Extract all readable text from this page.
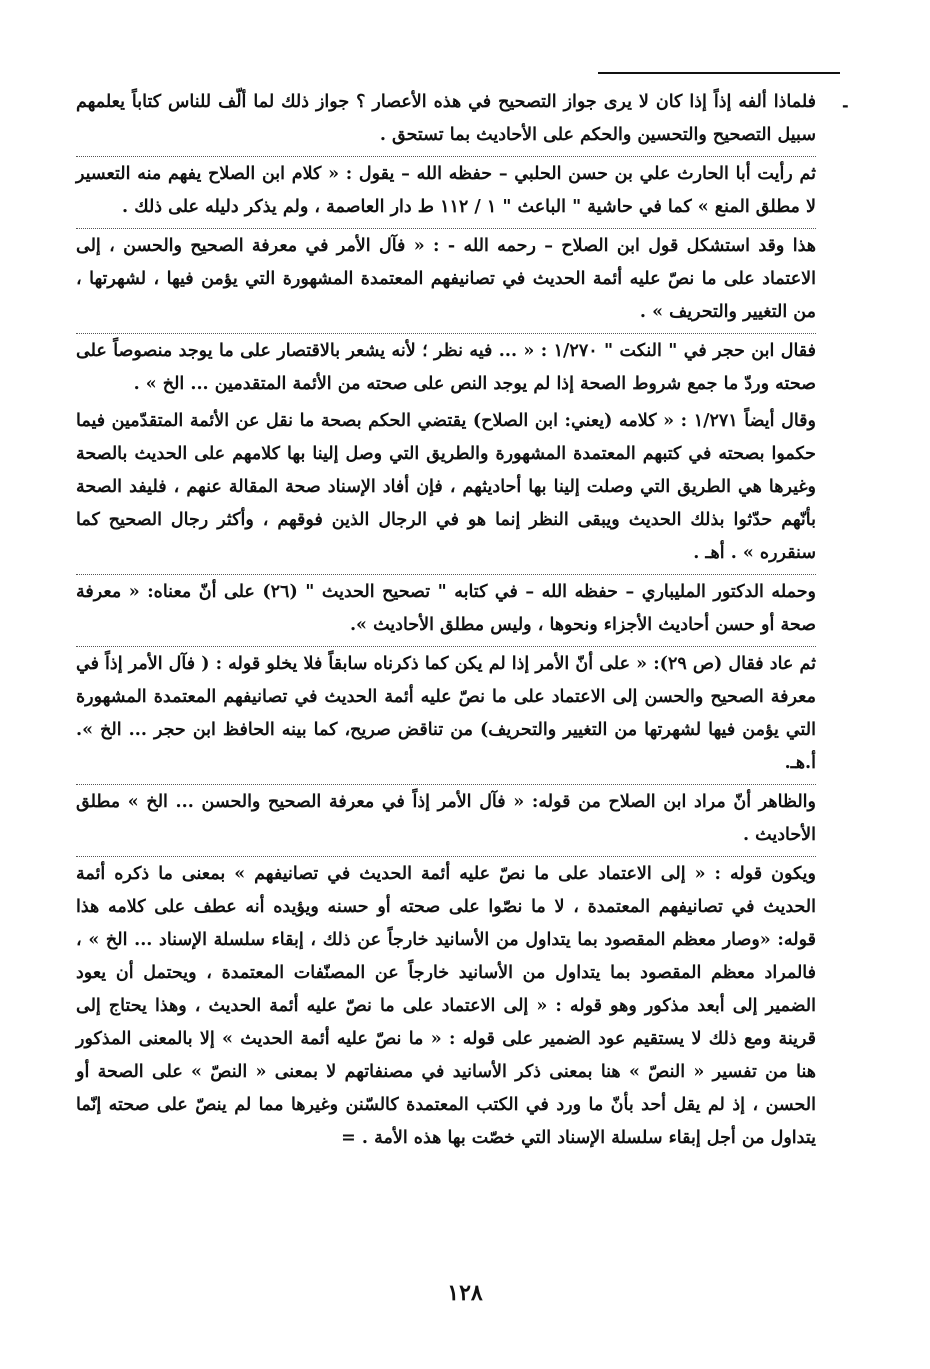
-

فلماذا ألفه إذاً إذا كان لا يرى جواز التصحيح في هذه الأعصار ؟ جواز ذلك لما ألّف للناس كتاباً يعلمهم سبيل التصحيح والتحسين والحكم على الأحاديث بما تستحق .

ثم رأيت أبا الحارث علي بن حسن الحلبي – حفظه الله – يقول : « كلام ابن الصلاح يفهم منه التعسير لا مطلق المنع » كما في حاشية " الباعث " ١ / ١١٢ ط دار العاصمة ، ولم يذكر دليله على ذلك .

هذا وقد استشكل قول ابن الصلاح – رحمه الله - : « فآل الأمر في معرفة الصحيح والحسن ، إلى الاعتماد على ما نصّ عليه أئمة الحديث في تصانيفهم المعتمدة المشهورة التي يؤمن فيها ، لشهرتها ، من التغيير والتحريف » .

فقال ابن حجر في " النكت " ١/٢٧٠ : « ... فيه نظر ؛ لأنه يشعر بالاقتصار على ما يوجد منصوصاً على صحته وردّ ما جمع شروط الصحة إذا لم يوجد النص على صحته من الأئمة المتقدمين ... الخ » .

وقال أيضاً ١/٢٧١ : « كلامه (يعني: ابن الصلاح) يقتضي الحكم بصحة ما نقل عن الأئمة المتقدّمين فيما حكموا بصحته في كتبهم المعتمدة المشهورة والطريق التي وصل إلينا بها كلامهم على الحديث بالصحة وغيرها هي الطريق التي وصلت إلينا بها أحاديثهم ، فإن أفاد الإسناد صحة المقالة عنهم ، فليفد الصحة بأنّهم حدّثوا بذلك الحديث ويبقى النظر إنما هو في الرجال الذين فوقهم ، وأكثر رجال الصحيح كما سنقرره » . أهـ .

وحمله الدكتور المليباري – حفظه الله – في كتابه " تصحيح الحديث " (٢٦) على أنّ معناه: « معرفة صحة أو حسن أحاديث الأجزاء ونحوها ، وليس مطلق الأحاديث ».

ثم عاد فقال (ص ٢٩): « على أنّ الأمر إذا لم يكن كما ذكرناه سابقاً فلا يخلو قوله : ( فآل الأمر إذاً في معرفة الصحيح والحسن إلى الاعتماد على ما نصّ عليه أئمة الحديث في تصانيفهم المعتمدة المشهورة التي يؤمن فيها لشهرتها من التغيير والتحريف) من تناقض صريح، كما بينه الحافظ ابن حجر ... الخ ». أ.هـ.

والظاهر أنّ مراد ابن الصلاح من قوله: « فآل الأمر إذاً في معرفة الصحيح والحسن ... الخ » مطلق الأحاديث .

ويكون قوله : « إلى الاعتماد على ما نصّ عليه أئمة الحديث في تصانيفهم » بمعنى ما ذكره أئمة الحديث في تصانيفهم المعتمدة ، لا ما نصّوا على صحته أو حسنه ويؤيده أنه عطف على كلامه هذا قوله: «وصار معظم المقصود بما يتداول من الأسانيد خارجاً عن ذلك ، إبقاء سلسلة الإسناد ... الخ » ، فالمراد معظم المقصود بما يتداول من الأسانيد خارجاً عن المصنّفات المعتمدة ، ويحتمل أن يعود الضمير إلى أبعد مذكور وهو قوله : « إلى الاعتماد على ما نصّ عليه أئمة الحديث ، وهذا يحتاج إلى قرينة ومع ذلك لا يستقيم عود الضمير على قوله : « ما نصّ عليه أئمة الحديث » إلا بالمعنى المذكور هنا من تفسير « النصّ » هنا بمعنى ذكر الأسانيد في مصنفاتهم لا بمعنى « النصّ » على الصحة أو الحسن ، إذ لم يقل أحد بأنّ ما ورد في الكتب المعتمدة كالسّنن وغيرها مما لم ينصّ على صحته إنّما يتداول من أجل إبقاء سلسلة الإسناد التي خصّت بها هذه الأمة . =

١٢٨
